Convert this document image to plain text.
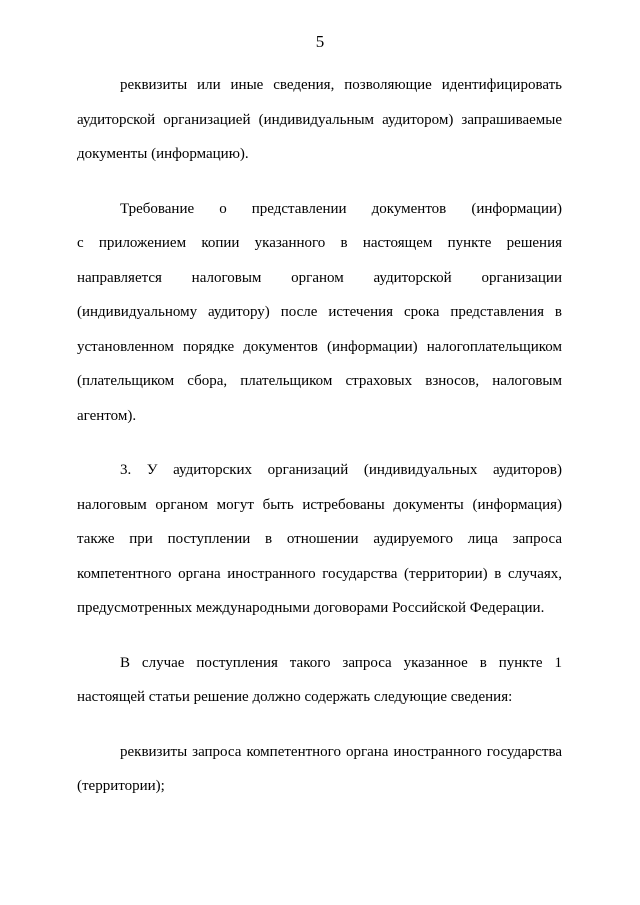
5
реквизиты или иные сведения, позволяющие идентифицировать
аудиторской организацией (индивидуальным аудитором) запрашиваемые
документы (информацию).
Требование о представлении документов (информации)
с приложением копии указанного в настоящем пункте решения
направляется налоговым органом аудиторской организации
(индивидуальному аудитору) после истечения срока представления в
установленном порядке документов (информации) налогоплательщиком
(плательщиком сбора, плательщиком страховых взносов, налоговым
агентом).
3. У аудиторских организаций (индивидуальных аудиторов)
налоговым органом могут быть истребованы документы (информация)
также при поступлении в отношении аудируемого лица запроса
компетентного органа иностранного государства (территории) в случаях,
предусмотренных международными договорами Российской Федерации.
В случае поступления такого запроса указанное в пункте 1
настоящей статьи решение должно содержать следующие сведения:
реквизиты запроса компетентного органа иностранного государства
(территории);
